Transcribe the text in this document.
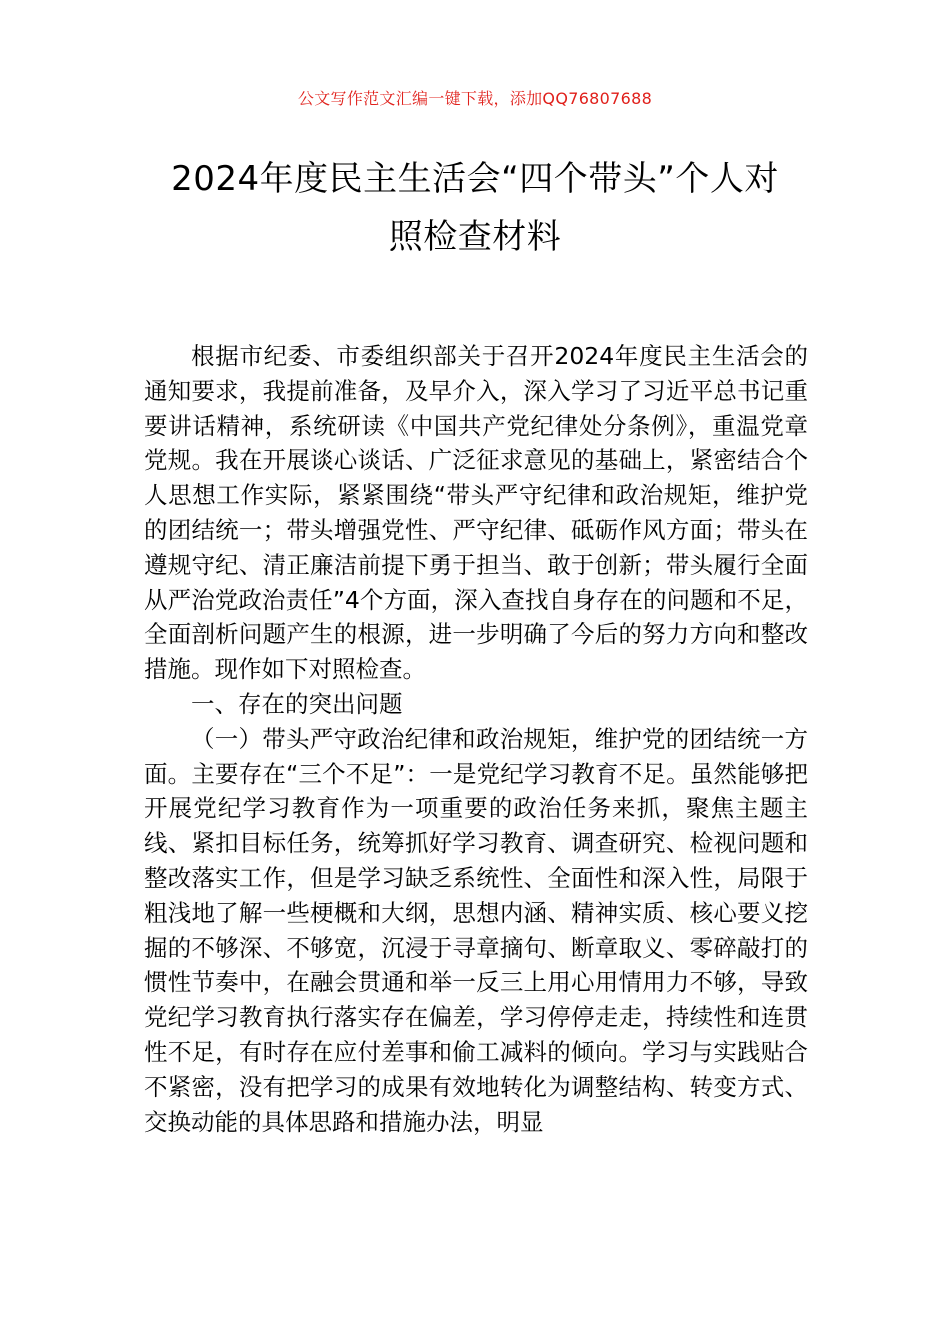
公文写作范文汇编一键下载，添加QQ76807688
2024年度民主生活会“四个带头”个人对
照检查材料

根据市纪委、市委组织部关于召开2024年度民主生活会的通知要求，我提前准备，及早介入，深入学习了习近平总书记重要讲话精神，系统研读《中国共产党纪律处分条例》，重温党章党规。我在开展谈心谈话、广泛征求意见的基础上，紧密结合个人思想工作实际，紧紧围绕“带头严守纪律和政治规矩，维护党的团结统一；带头增强党性、严守纪律、砥砺作风方面；带头在遵规守纪、清正廉洁前提下勇于担当、敢于创新；带头履行全面从严治党政治责任”4个方面，深入查找自身存在的问题和不足，全面剖析问题产生的根源，进一步明确了今后的努力方向和整改措施。现作如下对照检查。

一、存在的突出问题

（一）带头严守政治纪律和政治规矩，维护党的团结统一方面。主要存在“三个不足”：一是党纪学习教育不足。虽然能够把开展党纪学习教育作为一项重要的政治任务来抓，聚焦主题主线、紧扣目标任务，统筹抓好学习教育、调查研究、检视问题和整改落实工作，但是学习缺乏系统性、全面性和深入性，局限于粗浅地了解一些梗概和大纲，思想内涵、精神实质、核心要义挖掘的不够深、不够宽，沉浸于寻章摘句、断章取义、零碎敲打的惯性节奏中，在融会贯通和举一反三上用心用情用力不够，导致党纪学习教育执行落实存在偏差，学习停停走走，持续性和连贯性不足，有时存在应付差事和偷工减料的倾向。学习与实践贴合不紧密，没有把学习的成果有效地转化为调整结构、转变方式、交换动能的具体思路和措施办法，明显
